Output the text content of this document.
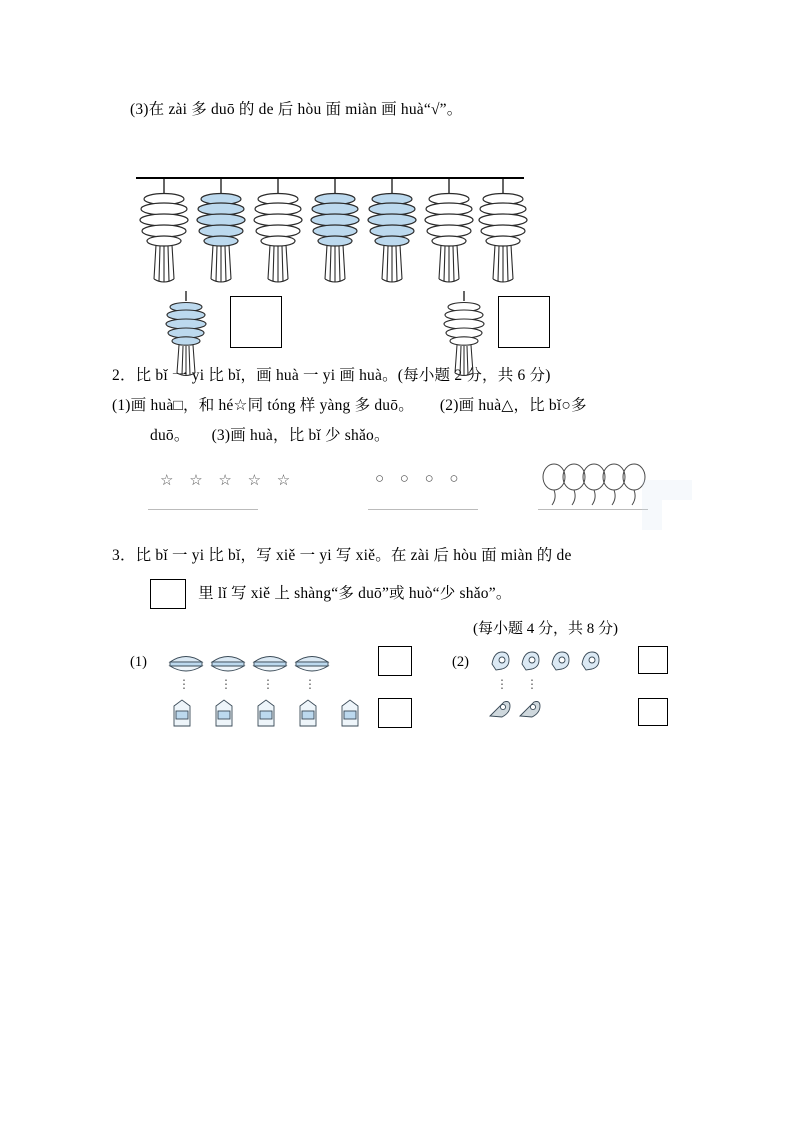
(3)在 zài 多 duō 的 de 后 hòu 面 miàn 画 huà“√”。
2．比 bǐ 一 yi 比 bǐ，画 huà 一 yi 画 huà。(每小题 2 分，共 6 分)
(1)画 huà□，和 hé☆同 tóng 样 yàng 多 duō。 (2)画 huà△，比 bǐ○多
duō。 (3)画 huà，比 bǐ 少 shǎo。
☆ ☆ ☆ ☆ ☆	○ ○ ○ ○
3．比 bǐ 一 yi 比 bǐ，写 xiě 一 yi 写 xiě。在 zài 后 hòu 面 miàn 的 de
里 lǐ 写 xiě 上 shàng“多 duō”或 huò“少 shǎo”。
(每小题 4 分，共 8 分)
(1)
⋮ ⋮ ⋮ ⋮
(2)
⋮ ⋮
